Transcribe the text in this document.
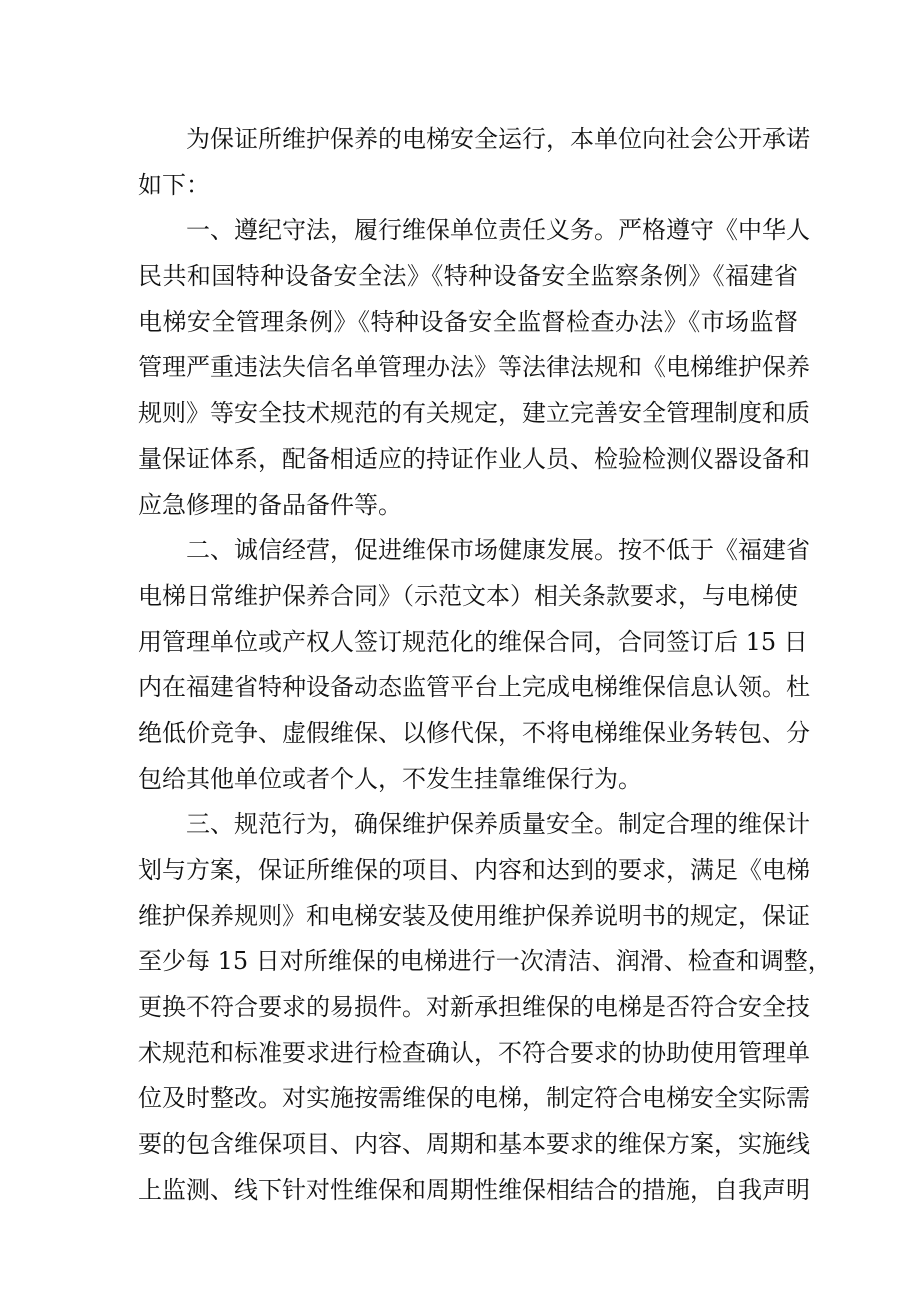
为保证所维护保养的电梯安全运行，本单位向社会公开承诺
如下：
一、遵纪守法，履行维保单位责任义务。严格遵守《中华人
民共和国特种设备安全法》《特种设备安全监察条例》《福建省
电梯安全管理条例》《特种设备安全监督检查办法》《市场监督
管理严重违法失信名单管理办法》等法律法规和《电梯维护保养
规则》等安全技术规范的有关规定，建立完善安全管理制度和质
量保证体系，配备相适应的持证作业人员、检验检测仪器设备和
应急修理的备品备件等。
二、诚信经营，促进维保市场健康发展。按不低于《福建省
电梯日常维护保养合同》（示范文本）相关条款要求，与电梯使
用管理单位或产权人签订规范化的维保合同，合同签订后 15 日
内在福建省特种设备动态监管平台上完成电梯维保信息认领。杜
绝低价竞争、虚假维保、以修代保，不将电梯维保业务转包、分
包给其他单位或者个人，不发生挂靠维保行为。
三、规范行为，确保维护保养质量安全。制定合理的维保计
划与方案，保证所维保的项目、内容和达到的要求，满足《电梯
维护保养规则》和电梯安装及使用维护保养说明书的规定，保证
至少每 15 日对所维保的电梯进行一次清洁、润滑、检查和调整，
更换不符合要求的易损件。对新承担维保的电梯是否符合安全技
术规范和标准要求进行检查确认，不符合要求的协助使用管理单
位及时整改。对实施按需维保的电梯，制定符合电梯安全实际需
要的包含维保项目、内容、周期和基本要求的维保方案，实施线
上监测、线下针对性维保和周期性维保相结合的措施，自我声明
